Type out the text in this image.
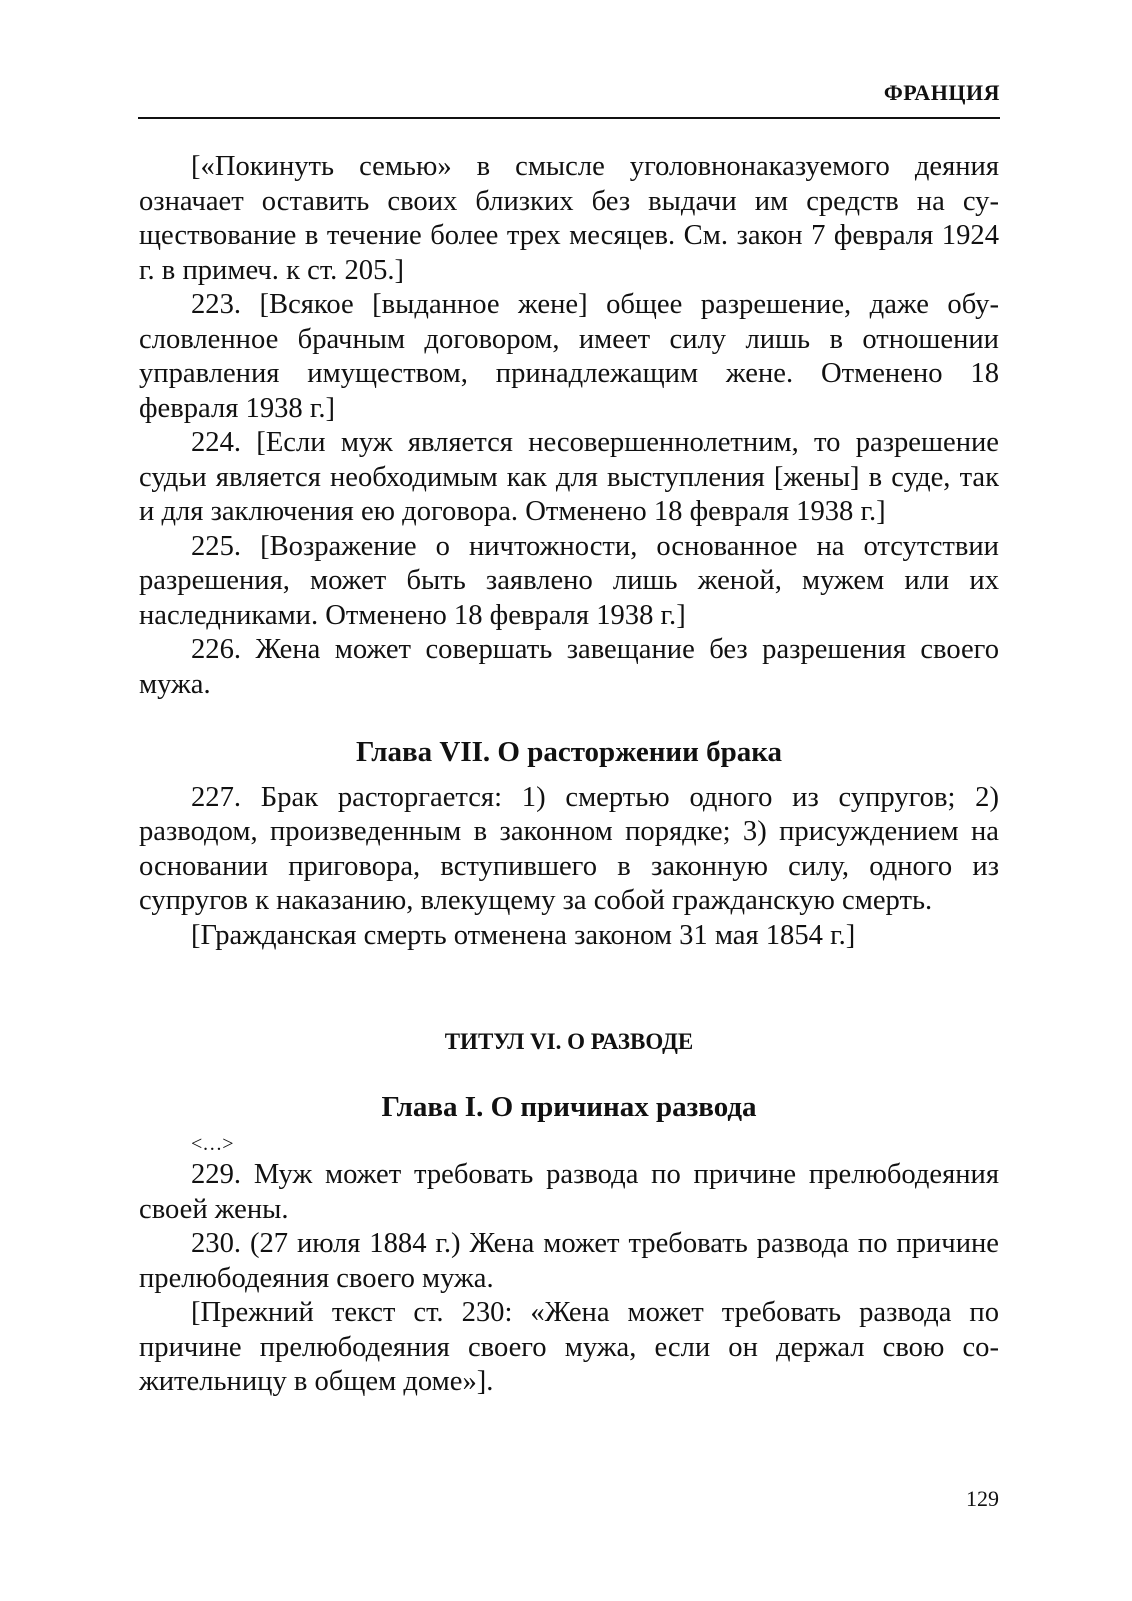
ФРАНЦИЯ

[«Покинуть семью» в смысле уголовнонаказуемого деяния означает оставить своих близких без выдачи им средств на существование в течение более трех месяцев. См. закон 7 февраля 1924 г. в примеч. к ст. 205.]

223. [Всякое [выданное жене] общее разрешение, даже обусловленное брачным договором, имеет силу лишь в отношении управления имуществом, принадлежащим жене. Отменено 18 февраля 1938 г.]

224. [Если муж является несовершеннолетним, то разрешение судьи является необходимым как для выступления [жены] в суде, так и для заключения ею договора. Отменено 18 февраля 1938 г.]

225. [Возражение о ничтожности, основанное на отсутствии разрешения, может быть заявлено лишь женой, мужем или их наследниками. Отменено 18 февраля 1938 г.]

226. Жена может совершать завещание без разрешения своего мужа.

Глава VII. О расторжении брака

227. Брак расторгается: 1) смертью одного из супругов; 2) разводом, произведенным в законном порядке; 3) присуждением на основании приговора, вступившего в законную силу, одного из супругов к наказанию, влекущему за собой гражданскую смерть.

[Гражданская смерть отменена законом 31 мая 1854 г.]

ТИТУЛ VI. О РАЗВОДЕ
Глава I. О причинах развода

<…>

229. Муж может требовать развода по причине прелюбодеяния своей жены.

230. (27 июля 1884 г.) Жена может требовать развода по причине прелюбодеяния своего мужа.

[Прежний текст ст. 230: «Жена может требовать развода по причине прелюбодеяния своего мужа, если он держал свою сожительницу в общем доме»].

129
